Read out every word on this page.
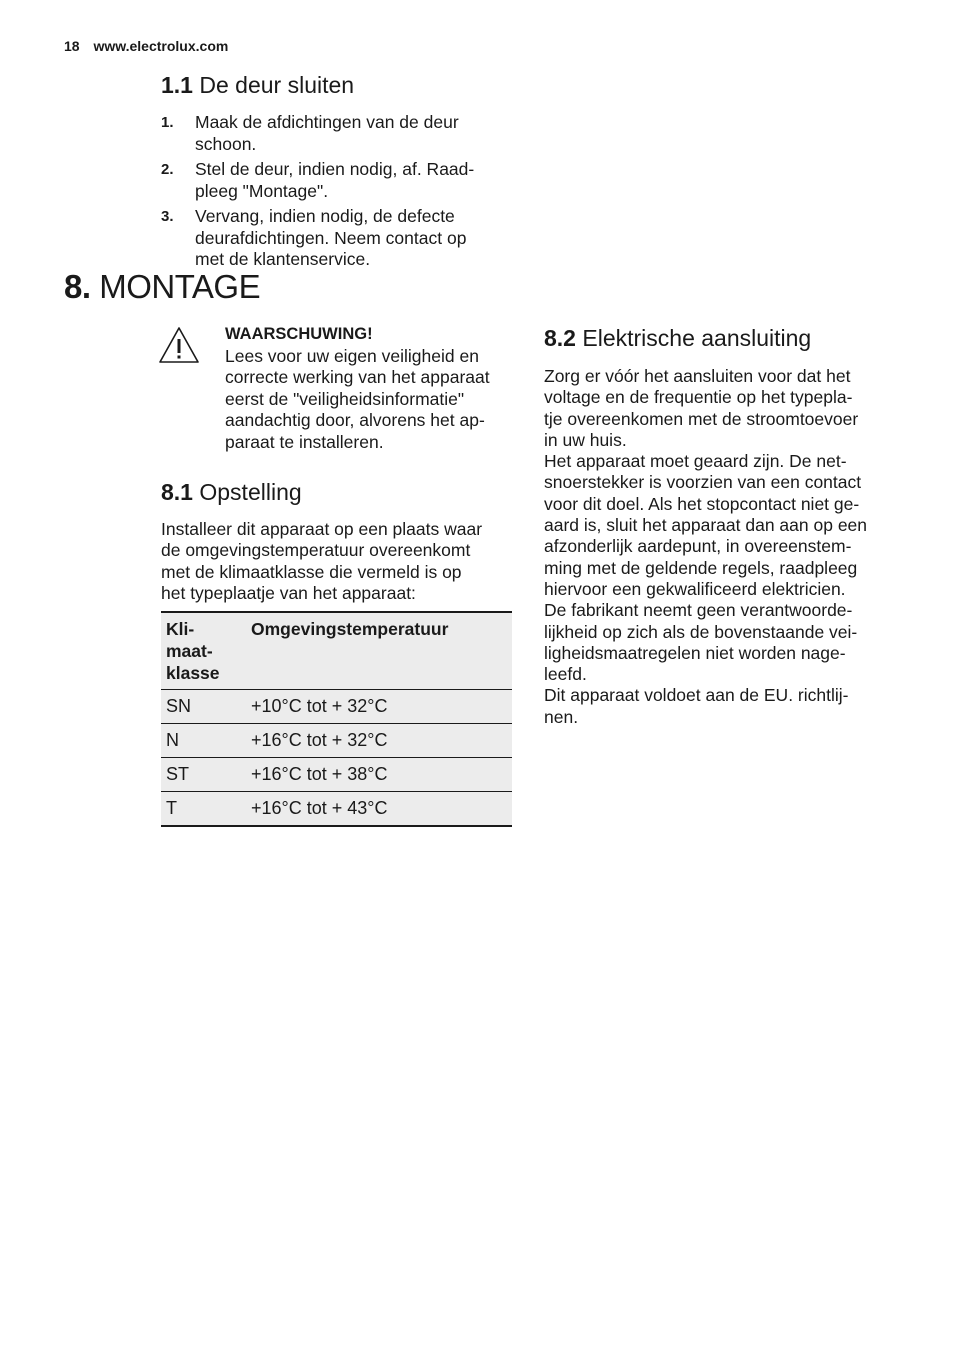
18 www.electrolux.com
1.1 De deur sluiten
1. Maak de afdichtingen van de deur
schoon.
2. Stel de deur, indien nodig, af. Raad-
pleeg "Montage".
3. Vervang, indien nodig, de defecte
deurafdichtingen. Neem contact op
met de klantenservice.
8. MONTAGE
WAARSCHUWING!
Lees voor uw eigen veiligheid en
correcte werking van het apparaat
eerst de "veiligheidsinformatie"
aandachtig door, alvorens het ap-
paraat te installeren.
8.1 Opstelling

Installeer dit apparaat op een plaats waar
de omgevingstemperatuur overeenkomt
met de klimaatklasse die vermeld is op
het typeplaatje van het apparaat:

Kli-
maat-
klasse	Omgevingstemperatuur
SN	+10°C tot + 32°C
N	+16°C tot + 32°C
ST	+16°C tot + 38°C
T	+16°C tot + 43°C
8.2 Elektrische aansluiting

Zorg er vóór het aansluiten voor dat het
voltage en de frequentie op het typepla-
tje overeenkomen met de stroomtoevoer
in uw huis.
Het apparaat moet geaard zijn. De net-
snoerstekker is voorzien van een contact
voor dit doel. Als het stopcontact niet ge-
aard is, sluit het apparaat dan aan op een
afzonderlijk aardepunt, in overeenstem-
ming met de geldende regels, raadpleeg
hiervoor een gekwalificeerd elektricien.
De fabrikant neemt geen verantwoorde-
lijkheid op zich als de bovenstaande vei-
ligheidsmaatregelen niet worden nage-
leefd.
Dit apparaat voldoet aan de EU. richtlij-
nen.
